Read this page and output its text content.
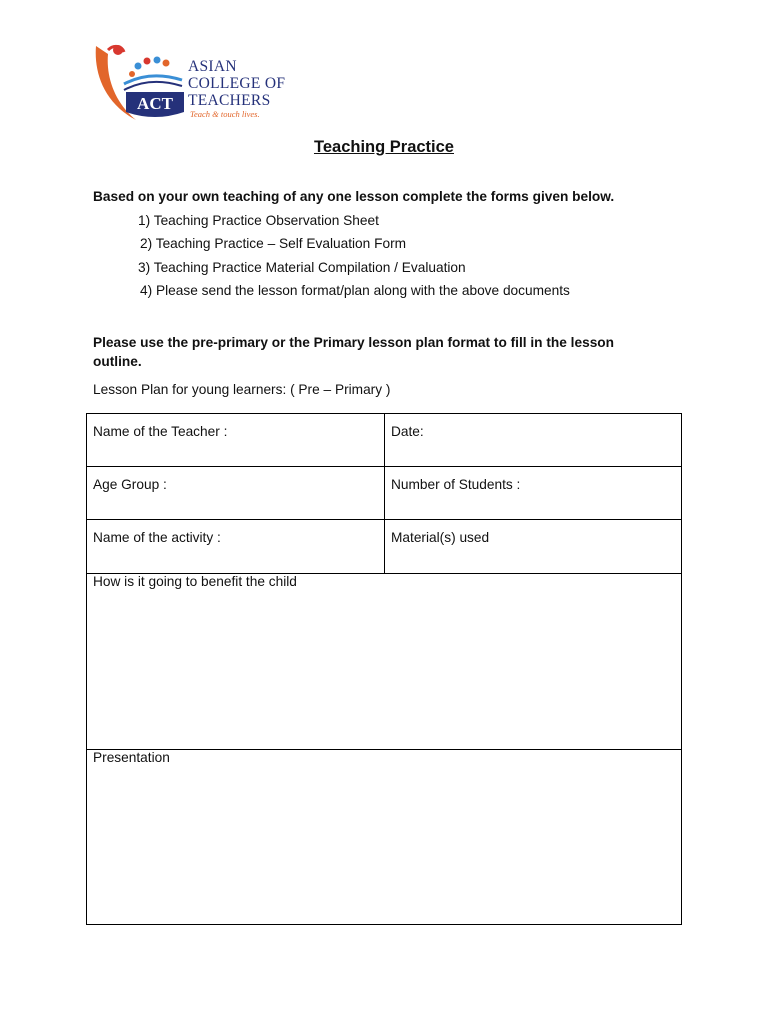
ACT
ASIAN
COLLEGE OF
TEACHERS
Teach & touch lives.
Teaching Practice
Based on your own teaching of any one lesson complete the forms given below.
1) Teaching Practice Observation Sheet
2) Teaching Practice – Self Evaluation Form
3) Teaching Practice Material Compilation / Evaluation
4) Please send the lesson format/plan along with the above documents
Please use the pre-primary or the Primary lesson plan format to fill in the lesson outline.
Lesson Plan for young learners: ( Pre – Primary )
Name of the Teacher :	Date:
Age Group :	Number of Students :
Name of the activity :	Material(s) used
How is it going to benefit the child
Presentation
